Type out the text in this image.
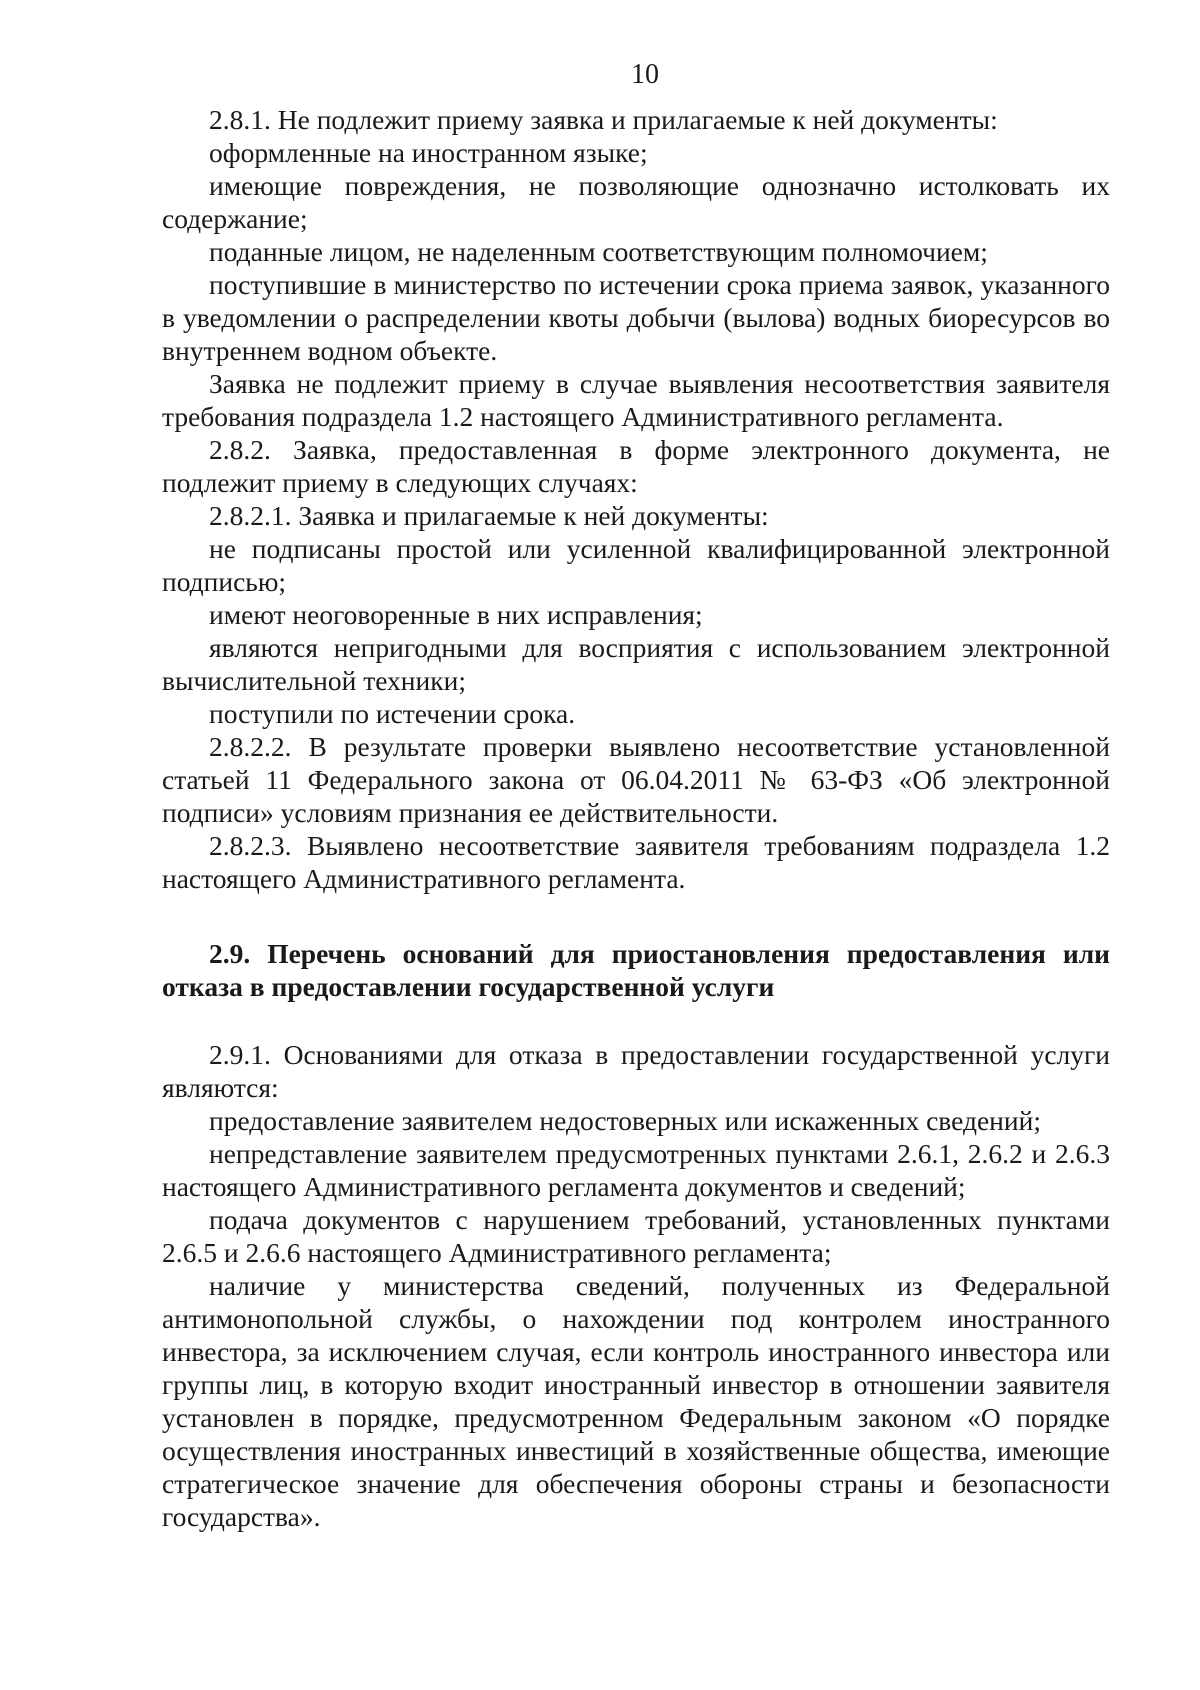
10

2.8.1. Не подлежит приему заявка и прилагаемые к ней документы:

оформленные на иностранном языке;

имеющие повреждения, не позволяющие однозначно истолковать их содержание;

поданные лицом, не наделенным соответствующим полномочием;

поступившие в министерство по истечении срока приема заявок, указанного в уведомлении о распределении квоты добычи (вылова) водных биоресурсов во внутреннем водном объекте.

Заявка не подлежит приему в случае выявления несоответствия заявителя требования подраздела 1.2 настоящего Административного регламента.

2.8.2. Заявка, предоставленная в форме электронного документа, не подлежит приему в следующих случаях:

2.8.2.1. Заявка и прилагаемые к ней документы:

не подписаны простой или усиленной квалифицированной электронной подписью;

имеют неоговоренные в них исправления;

являются непригодными для восприятия с использованием электронной вычислительной техники;

поступили по истечении срока.

2.8.2.2. В результате проверки выявлено несоответствие установленной статьей 11 Федерального закона от 06.04.2011 № 63-ФЗ «Об электронной подписи» условиям признания ее действительности.

2.8.2.3. Выявлено несоответствие заявителя требованиям подраздела 1.2 настоящего Административного регламента.

2.9. Перечень оснований для приостановления предоставления или отказа в предоставлении государственной услуги

2.9.1. Основаниями для отказа в предоставлении государственной услуги являются:

предоставление заявителем недостоверных или искаженных сведений;

непредставление заявителем предусмотренных пунктами 2.6.1, 2.6.2 и 2.6.3 настоящего Административного регламента документов и сведений;

подача документов с нарушением требований, установленных пунктами 2.6.5 и 2.6.6 настоящего Административного регламента;

наличие у министерства сведений, полученных из Федеральной антимонопольной службы, о нахождении под контролем иностранного инвестора, за исключением случая, если контроль иностранного инвестора или группы лиц, в которую входит иностранный инвестор в отношении заявителя установлен в порядке, предусмотренном Федеральным законом «О порядке осуществления иностранных инвестиций в хозяйственные общества, имеющие стратегическое значение для обеспечения обороны страны и безопасности государства».
